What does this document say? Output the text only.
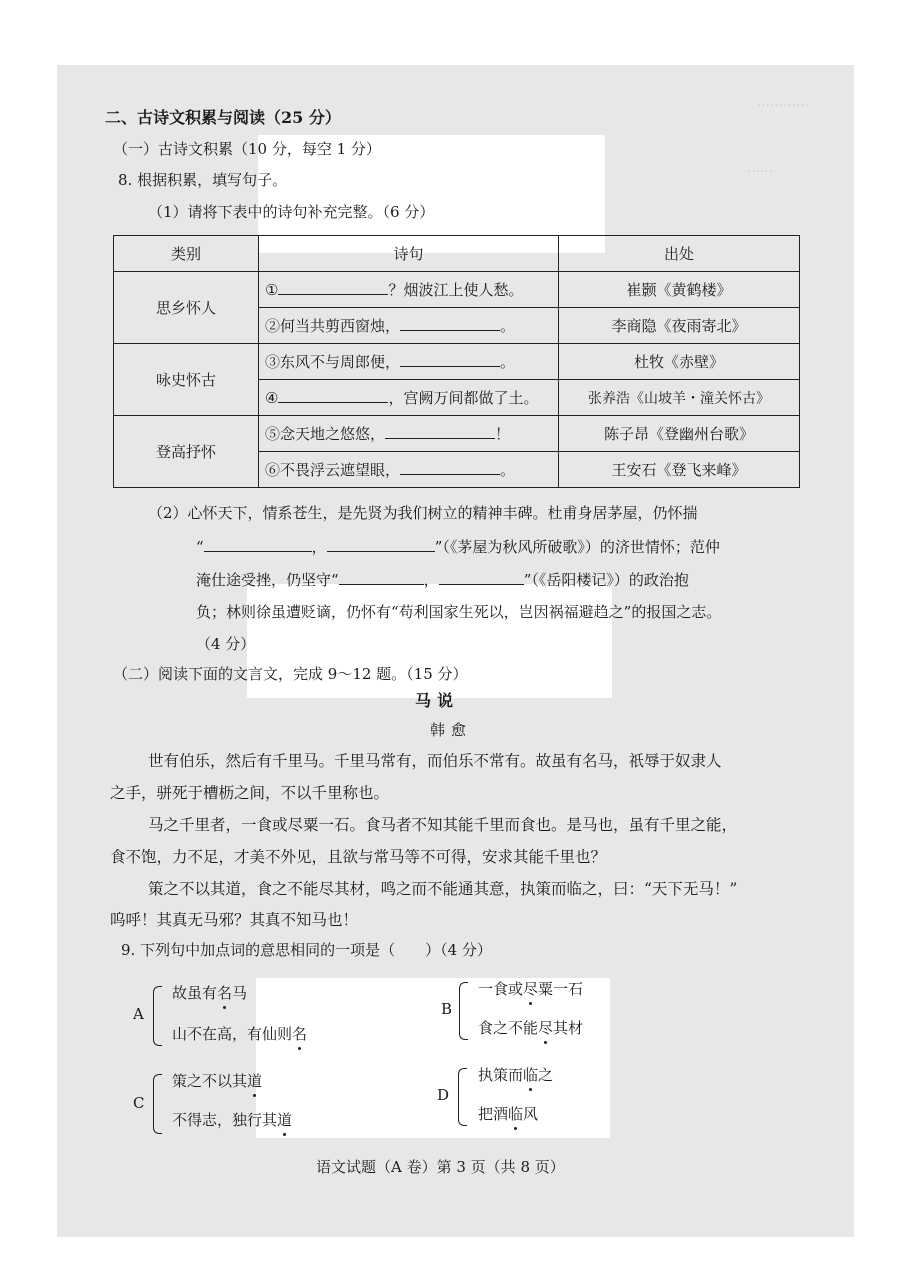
…………
……
二、古诗文积累与阅读（25 分）
（一）古诗文积累（10 分，每空 1 分）
8. 根据积累，填写句子。
（1）请将下表中的诗句补充完整。（6 分）
类别	诗句	出处
思乡怀人	① ？烟波江上使人愁。	崔颢《黄鹤楼》
	②何当共剪西窗烛， 。	李商隐《夜雨寄北》
咏史怀古	③东风不与周郎便， 。	杜牧《赤壁》
	④ ，宫阙万间都做了土。	张养浩《山坡羊・潼关怀古》
登高抒怀	⑤念天地之悠悠， ！	陈子昂《登幽州台歌》
	⑥不畏浮云遮望眼， 。	王安石《登飞来峰》
（2）心怀天下，情系苍生，是先贤为我们树立的精神丰碑。杜甫身居茅屋，仍怀揣
“	，	”（《茅屋为秋风所破歌》）的济世情怀；范仲
淹仕途受挫，仍坚守“	，	”（《岳阳楼记》）的政治抱
负；林则徐虽遭贬谪，仍怀有“苟利国家生死以，岂因祸福避趋之”的报国之志。
（4 分）
（二）阅读下面的文言文，完成 9～12 题。（15 分）
马说
韩愈
世有伯乐，然后有千里马。千里马常有，而伯乐不常有。故虽有名马，祇辱于奴隶人
之手，骈死于槽枥之间，不以千里称也。
马之千里者，一食或尽粟一石。食马者不知其能千里而食也。是马也，虽有千里之能，
食不饱，力不足，才美不外见，且欲与常马等不可得，安求其能千里也？
策之不以其道，食之不能尽其材，鸣之而不能通其意，执策而临之，曰：“天下无马！”
呜呼！其真无马邪？其真不知马也！
9. 下列句中加点词的意思相同的一项是（　　）（4 分）
A
故虽有名马
山不在高，有仙则名
B
一食或尽粟一石
食之不能尽其材
C
策之不以其道
不得志，独行其道
D
执策而临之
把酒临风
语文试题（A 卷）第 3 页（共 8 页）
